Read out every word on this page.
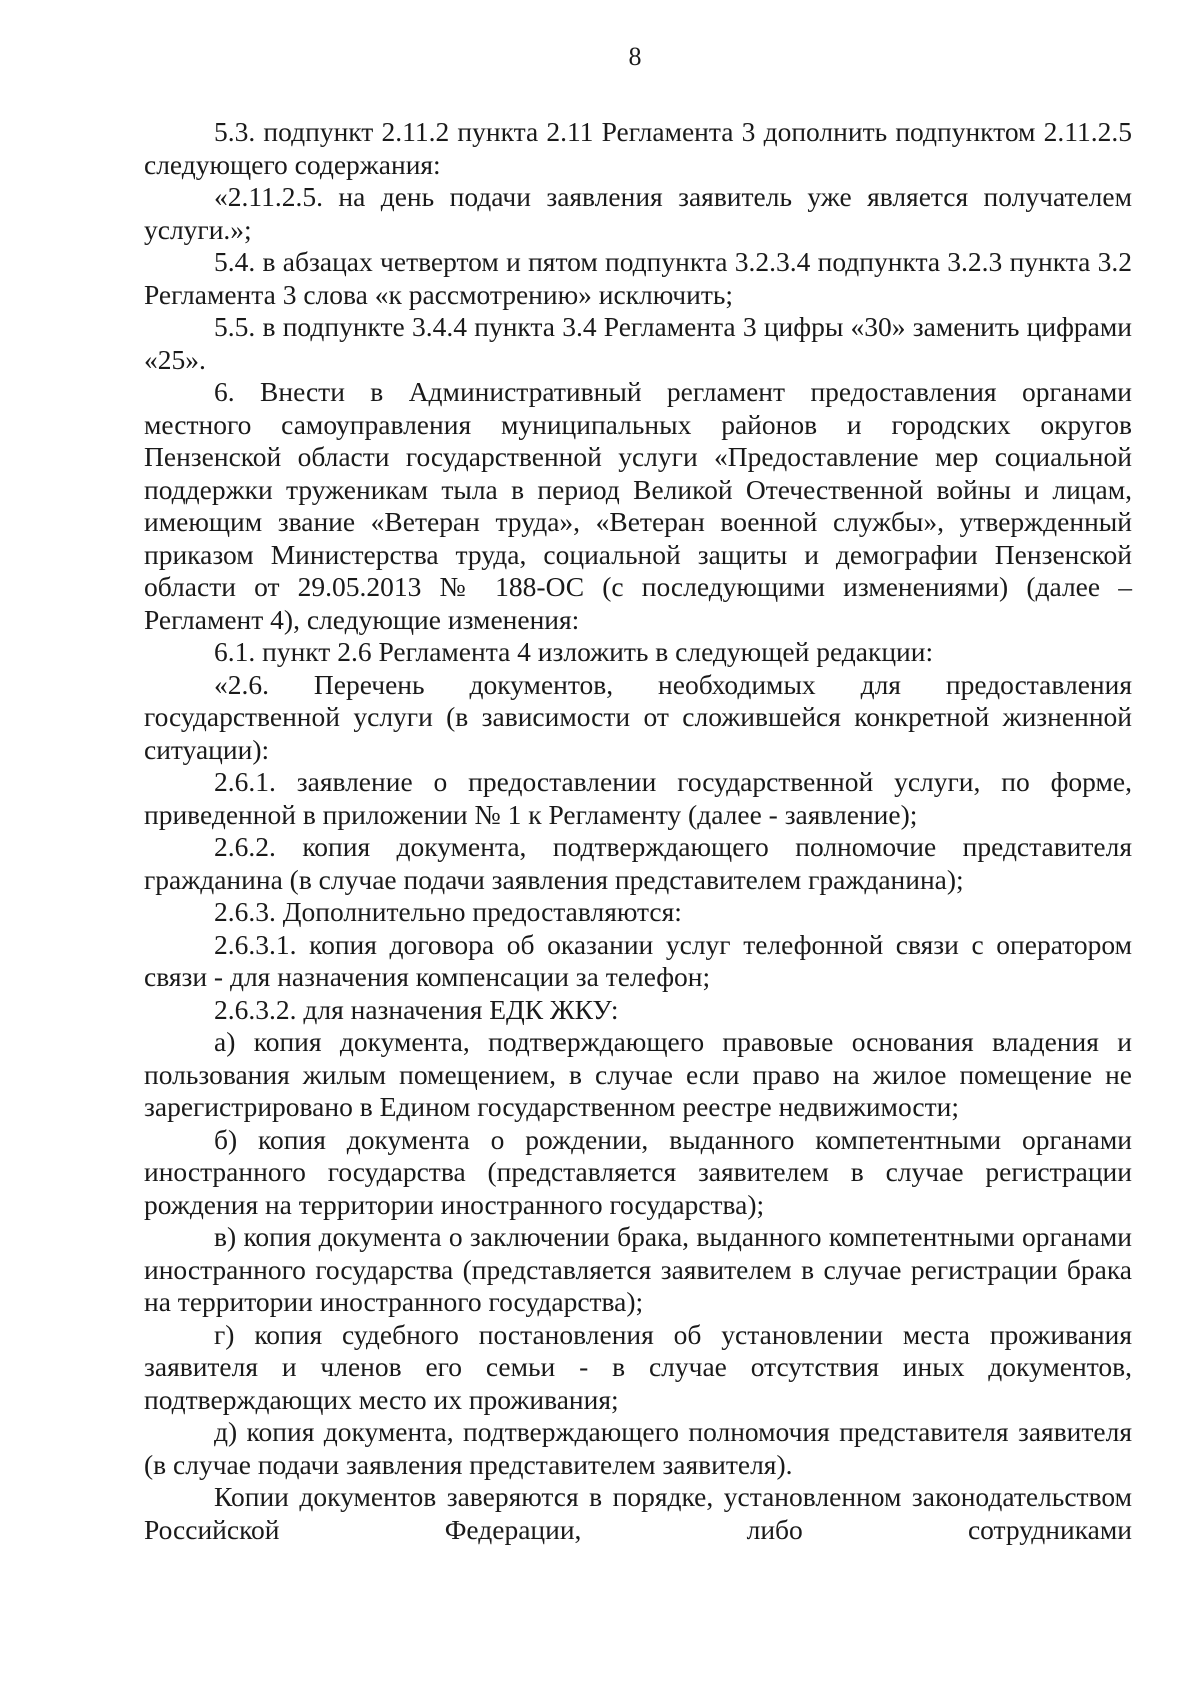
8

5.3. подпункт 2.11.2 пункта 2.11 Регламента 3 дополнить подпунктом 2.11.2.5 следующего содержания:

«2.11.2.5. на день подачи заявления заявитель уже является получателем услуги.»;

5.4. в абзацах четвертом и пятом подпункта 3.2.3.4 подпункта 3.2.3 пункта 3.2 Регламента 3 слова «к рассмотрению» исключить;

5.5. в подпункте 3.4.4 пункта 3.4 Регламента 3 цифры «30» заменить цифрами «25».

6. Внести в Административный регламент предоставления органами местного самоуправления муниципальных районов и городских округов Пензенской области государственной услуги «Предоставление мер социальной поддержки труженикам тыла в период Великой Отечественной войны и лицам, имеющим звание «Ветеран труда», «Ветеран военной службы», утвержденный приказом Министерства труда, социальной защиты и демографии Пензенской области от 29.05.2013 № 188-ОС (с последующими изменениями) (далее – Регламент 4), следующие изменения:

6.1. пункт 2.6 Регламента 4 изложить в следующей редакции:

«2.6. Перечень документов, необходимых для предоставления государственной услуги (в зависимости от сложившейся конкретной жизненной ситуации):

2.6.1. заявление о предоставлении государственной услуги, по форме, приведенной в приложении № 1 к Регламенту (далее - заявление);

2.6.2. копия документа, подтверждающего полномочие представителя гражданина (в случае подачи заявления представителем гражданина);

2.6.3. Дополнительно предоставляются:

2.6.3.1. копия договора об оказании услуг телефонной связи с оператором связи - для назначения компенсации за телефон;

2.6.3.2. для назначения ЕДК ЖКУ:

а) копия документа, подтверждающего правовые основания владения и пользования жилым помещением, в случае если право на жилое помещение не зарегистрировано в Едином государственном реестре недвижимости;

б) копия документа о рождении, выданного компетентными органами иностранного государства (представляется заявителем в случае регистрации рождения на территории иностранного государства);

в) копия документа о заключении брака, выданного компетентными органами иностранного государства (представляется заявителем в случае регистрации брака на территории иностранного государства);

г) копия судебного постановления об установлении места проживания заявителя и членов его семьи - в случае отсутствия иных документов, подтверждающих место их проживания;

д) копия документа, подтверждающего полномочия представителя заявителя (в случае подачи заявления представителем заявителя).

Копии документов заверяются в порядке, установленном законодательством Российской Федерации, либо сотрудниками
